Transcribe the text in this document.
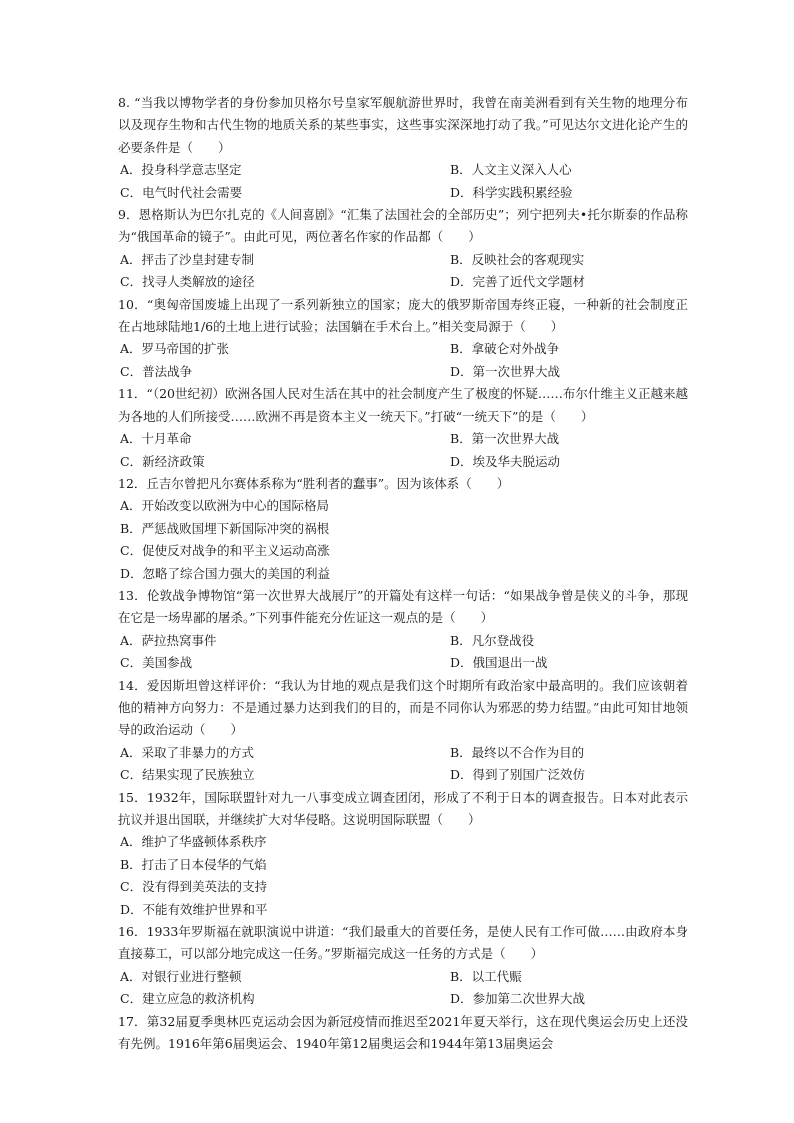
8. “当我以博物学者的身份参加贝格尔号皇家军舰航游世界时，我曾在南美洲看到有关生物的地理分布以及现存生物和古代生物的地质关系的某些事实，这些事实深深地打动了我。”可见达尔文进化论产生的必要条件是（　　）

A．投身科学意志坚定	B．人文主义深入人心
C．电气时代社会需要	D．科学实践积累经验

9．恩格斯认为巴尔扎克的《人间喜剧》“汇集了法国社会的全部历史”；列宁把列夫•托尔斯泰的作品称为“俄国革命的镜子”。由此可见，两位著名作家的作品都（　　）

A．抨击了沙皇封建专制	B．反映社会的客观现实
C．找寻人类解放的途径	D．完善了近代文学题材

10．“奥匈帝国废墟上出现了一系列新独立的国家；庞大的俄罗斯帝国寿终正寝，一种新的社会制度正在占地球陆地1/6的土地上进行试验；法国躺在手术台上。”相关变局源于（　　）

A．罗马帝国的扩张	B．拿破仑对外战争
C．普法战争	D．第一次世界大战

11．“（20世纪初）欧洲各国人民对生活在其中的社会制度产生了极度的怀疑……布尔什维主义正越来越为各地的人们所接受……欧洲不再是资本主义一统天下。”打破“一统天下”的是（　　）

A．十月革命	B．第一次世界大战
C．新经济政策	D．埃及华夫脱运动

12．丘吉尔曾把凡尔赛体系称为“胜利者的蠢事”。因为该体系（　　）

A．开始改变以欧洲为中心的国际格局
B．严惩战败国埋下新国际冲突的祸根
C．促使反对战争的和平主义运动高涨
D．忽略了综合国力强大的美国的利益

13．伦敦战争博物馆“第一次世界大战展厅”的开篇处有这样一句话：“如果战争曾是侠义的斗争，那现在它是一场卑鄙的屠杀。”下列事件能充分佐证这一观点的是（　　）

A．萨拉热窝事件	B．凡尔登战役
C．美国参战	D．俄国退出一战

14．爱因斯坦曾这样评价：“我认为甘地的观点是我们这个时期所有政治家中最高明的。我们应该朝着他的精神方向努力：不是通过暴力达到我们的目的，而是不同你认为邪恶的势力结盟。”由此可知甘地领导的政治运动（　　）

A．采取了非暴力的方式	B．最终以不合作为目的
C．结果实现了民族独立	D．得到了别国广泛效仿

15．1932年，国际联盟针对九一八事变成立调查团闭，形成了不利于日本的调查报告。日本对此表示抗议并退出国联，并继续扩大对华侵略。这说明国际联盟（　　）

A．维护了华盛顿体系秩序
B．打击了日本侵华的气焰
C．没有得到美英法的支持
D．不能有效维护世界和平

16．1933年罗斯福在就职演说中讲道：“我们最重大的首要任务，是使人民有工作可做……由政府本身直接募工，可以部分地完成这一任务。”罗斯福完成这一任务的方式是（　　）

A．对银行业进行整顿	B．以工代赈
C．建立应急的救济机构	D．参加第二次世界大战

17．第32届夏季奥林匹克运动会因为新冠疫情而推迟至2021年夏天举行，这在现代奥运会历史上还没有先例。1916年第6届奥运会、1940年第12届奥运会和1944年第13届奥运会
